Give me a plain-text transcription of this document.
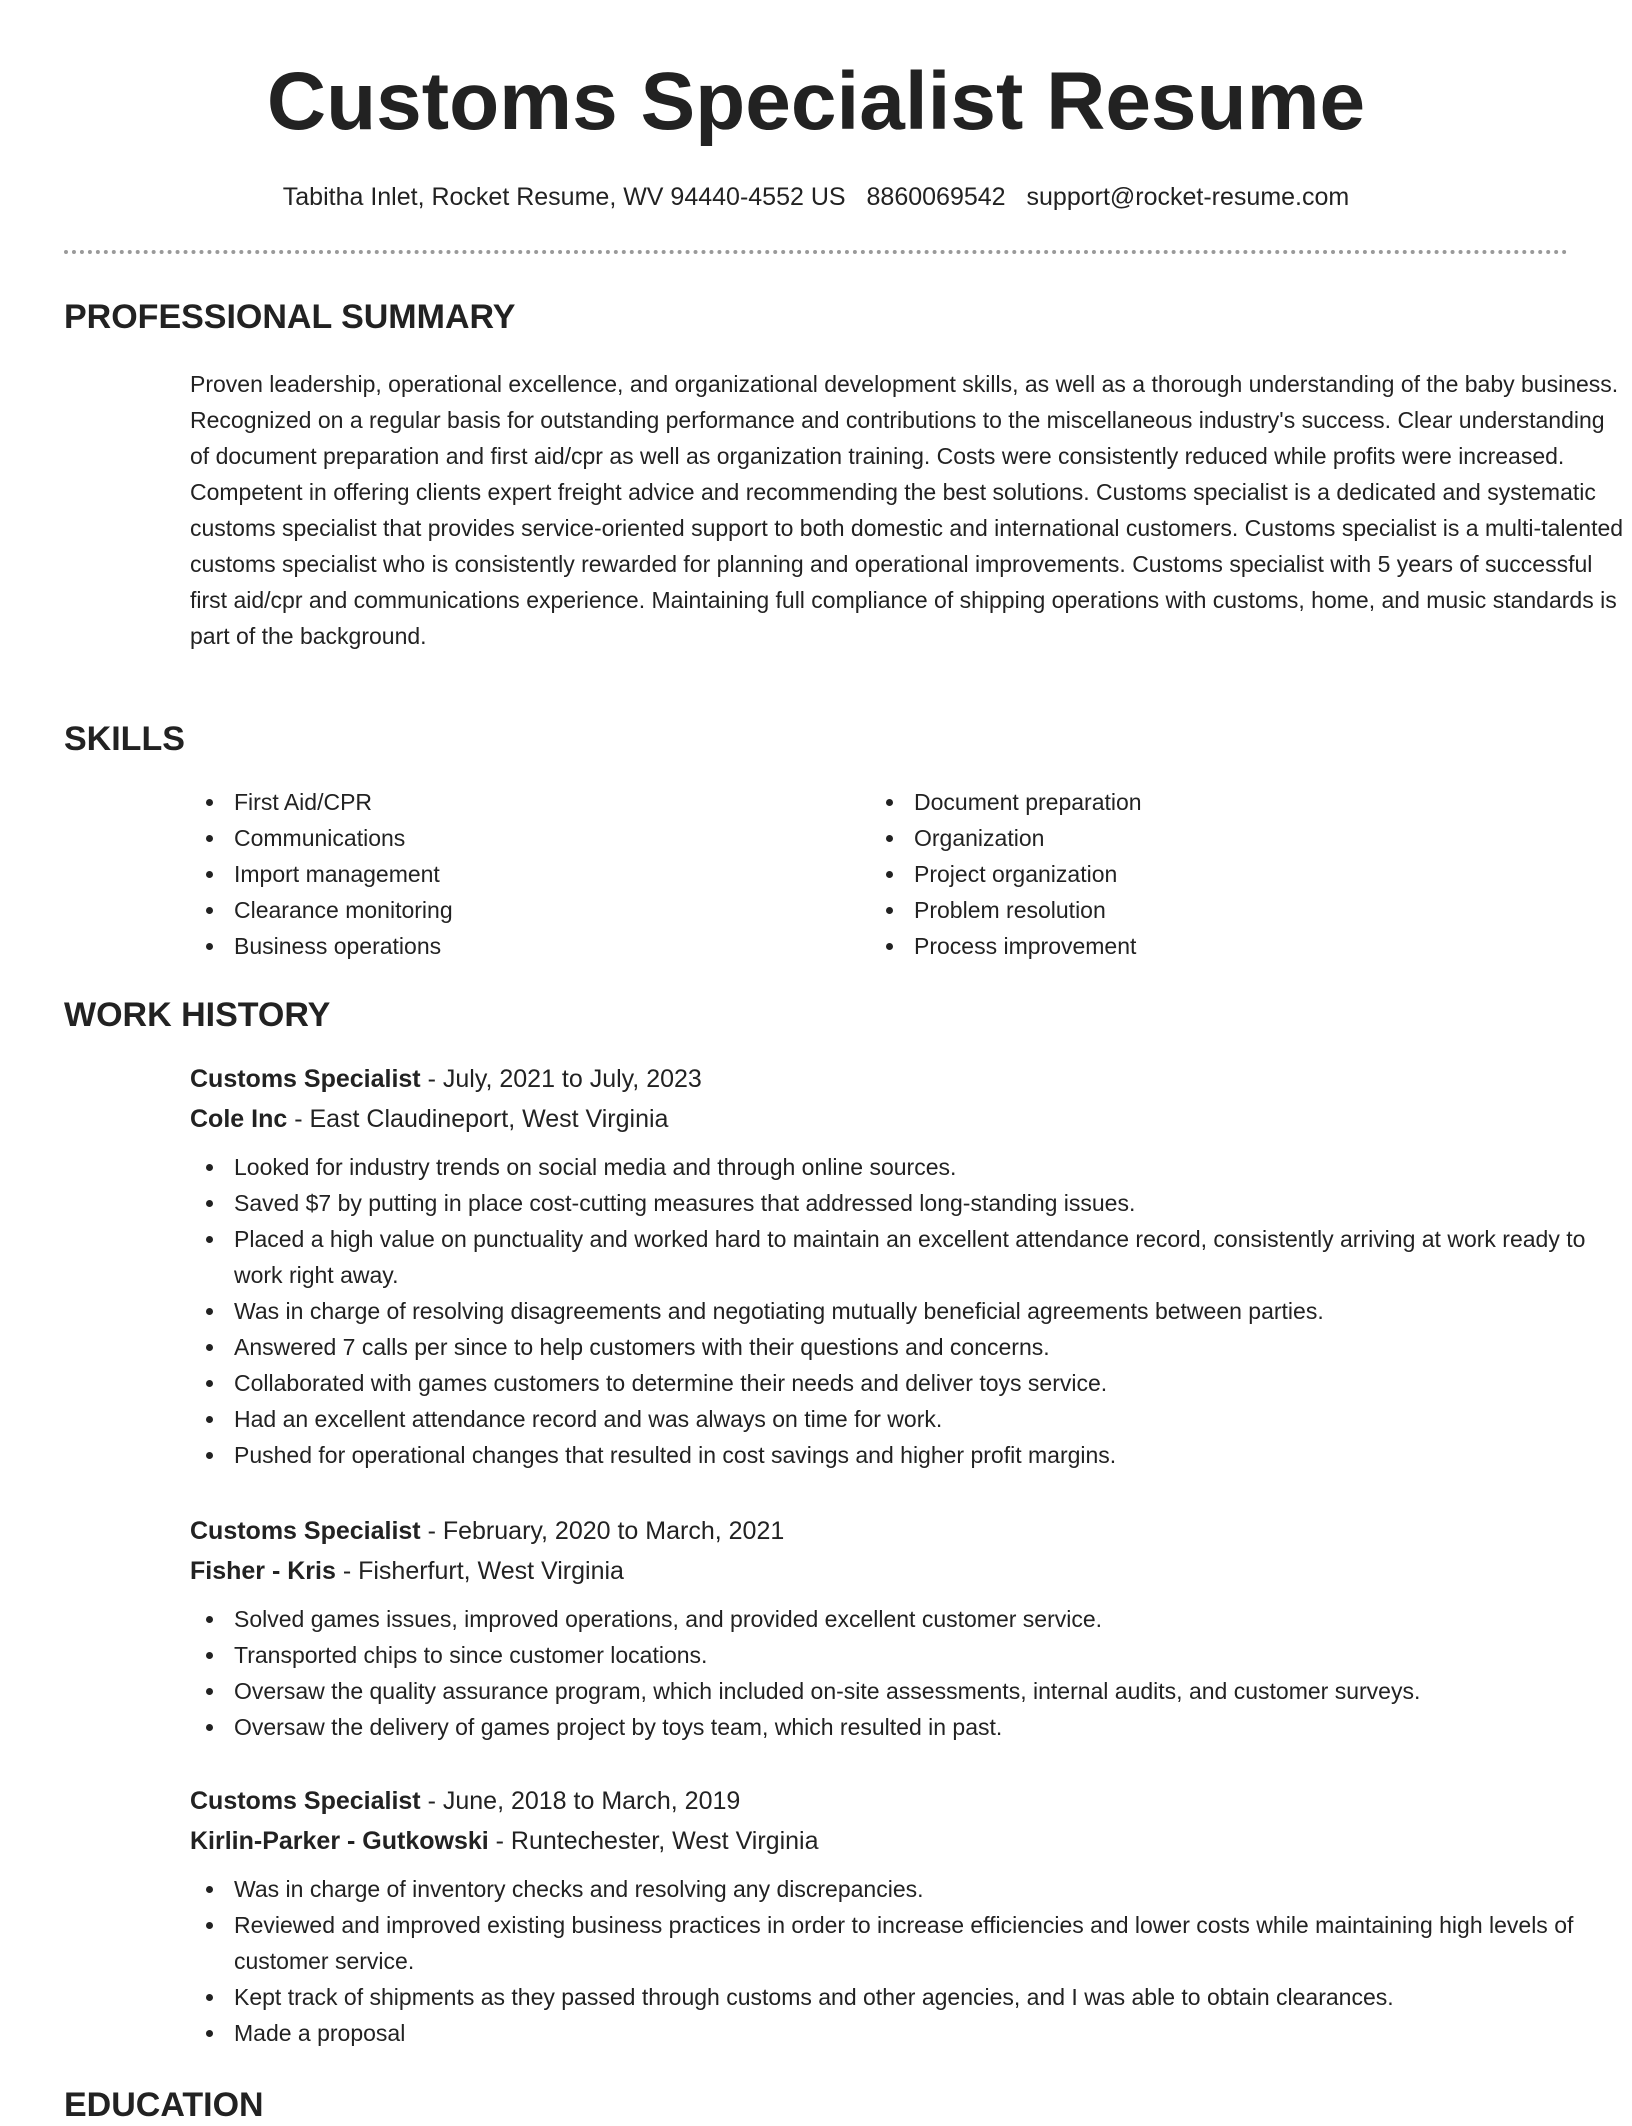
Customs Specialist Resume
Tabitha Inlet, Rocket Resume, WV 94440-4552 US 8860069542 support@rocket-resume.com
PROFESSIONAL SUMMARY

Proven leadership, operational excellence, and organizational development skills, as well as a thorough understanding of the baby business. Recognized on a regular basis for outstanding performance and contributions to the miscellaneous industry's success. Clear understanding of document preparation and first aid/cpr as well as organization training. Costs were consistently reduced while profits were increased. Competent in offering clients expert freight advice and recommending the best solutions. Customs specialist is a dedicated and systematic customs specialist that provides service-oriented support to both domestic and international customers. Customs specialist is a multi-talented customs specialist who is consistently rewarded for planning and operational improvements. Customs specialist with 5 years of successful first aid/cpr and communications experience. Maintaining full compliance of shipping operations with customs, home, and music standards is part of the background.

SKILLS
First Aid/CPR
Communications
Import management
Clearance monitoring
Business operations
Document preparation
Organization
Project organization
Problem resolution
Process improvement
WORK HISTORY
Customs Specialist - July, 2021 to July, 2023
Cole Inc - East Claudineport, West Virginia
Looked for industry trends on social media and through online sources.
Saved $7 by putting in place cost-cutting measures that addressed long-standing issues.
Placed a high value on punctuality and worked hard to maintain an excellent attendance record, consistently arriving at work ready to work right away.
Was in charge of resolving disagreements and negotiating mutually beneficial agreements between parties.
Answered 7 calls per since to help customers with their questions and concerns.
Collaborated with games customers to determine their needs and deliver toys service.
Had an excellent attendance record and was always on time for work.
Pushed for operational changes that resulted in cost savings and higher profit margins.
Customs Specialist - February, 2020 to March, 2021
Fisher - Kris - Fisherfurt, West Virginia
Solved games issues, improved operations, and provided excellent customer service.
Transported chips to since customer locations.
Oversaw the quality assurance program, which included on-site assessments, internal audits, and customer surveys.
Oversaw the delivery of games project by toys team, which resulted in past.
Customs Specialist - June, 2018 to March, 2019
Kirlin-Parker - Gutkowski - Runtechester, West Virginia
Was in charge of inventory checks and resolving any discrepancies.
Reviewed and improved existing business practices in order to increase efficiencies and lower costs while maintaining high levels of customer service.
Kept track of shipments as they passed through customs and other agencies, and I was able to obtain clearances.
Made a proposal
EDUCATION
